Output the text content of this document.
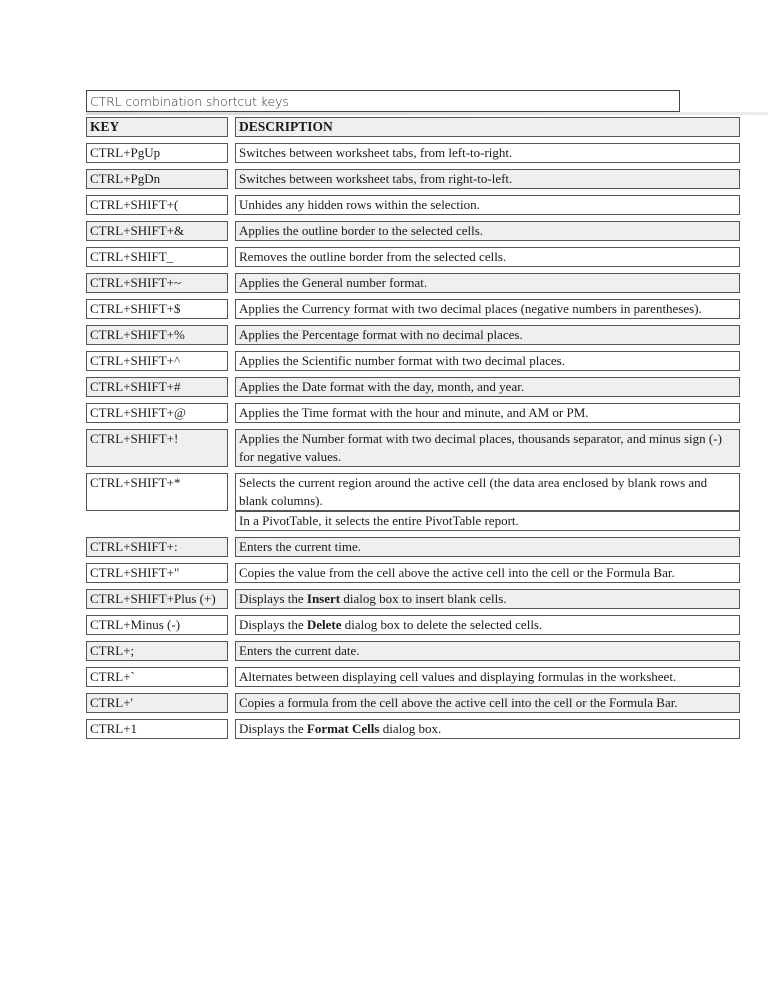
CTRL combination shortcut keys
KEY	DESCRIPTION
CTRL+PgUp	Switches between worksheet tabs, from left-to-right.
CTRL+PgDn	Switches between worksheet tabs, from right-to-left.
CTRL+SHIFT+(	Unhides any hidden rows within the selection.
CTRL+SHIFT+&	Applies the outline border to the selected cells.
CTRL+SHIFT_	Removes the outline border from the selected cells.
CTRL+SHIFT+~	Applies the General number format.
CTRL+SHIFT+$	Applies the Currency format with two decimal places (negative numbers in parentheses).
CTRL+SHIFT+%	Applies the Percentage format with no decimal places.
CTRL+SHIFT+^	Applies the Scientific number format with two decimal places.
CTRL+SHIFT+#	Applies the Date format with the day, month, and year.
CTRL+SHIFT+@	Applies the Time format with the hour and minute, and AM or PM.
CTRL+SHIFT+!	Applies the Number format with two decimal places, thousands separator, and minus sign (-) for negative values.
CTRL+SHIFT+*	Selects the current region around the active cell (the data area enclosed by blank rows and blank columns).
In a PivotTable, it selects the entire PivotTable report.
CTRL+SHIFT+:	Enters the current time.
CTRL+SHIFT+"	Copies the value from the cell above the active cell into the cell or the Formula Bar.
CTRL+SHIFT+Plus (+)	Displays the Insert dialog box to insert blank cells.
CTRL+Minus (-)	Displays the Delete dialog box to delete the selected cells.
CTRL+;	Enters the current date.
CTRL+`	Alternates between displaying cell values and displaying formulas in the worksheet.
CTRL+'	Copies a formula from the cell above the active cell into the cell or the Formula Bar.
CTRL+1	Displays the Format Cells dialog box.
